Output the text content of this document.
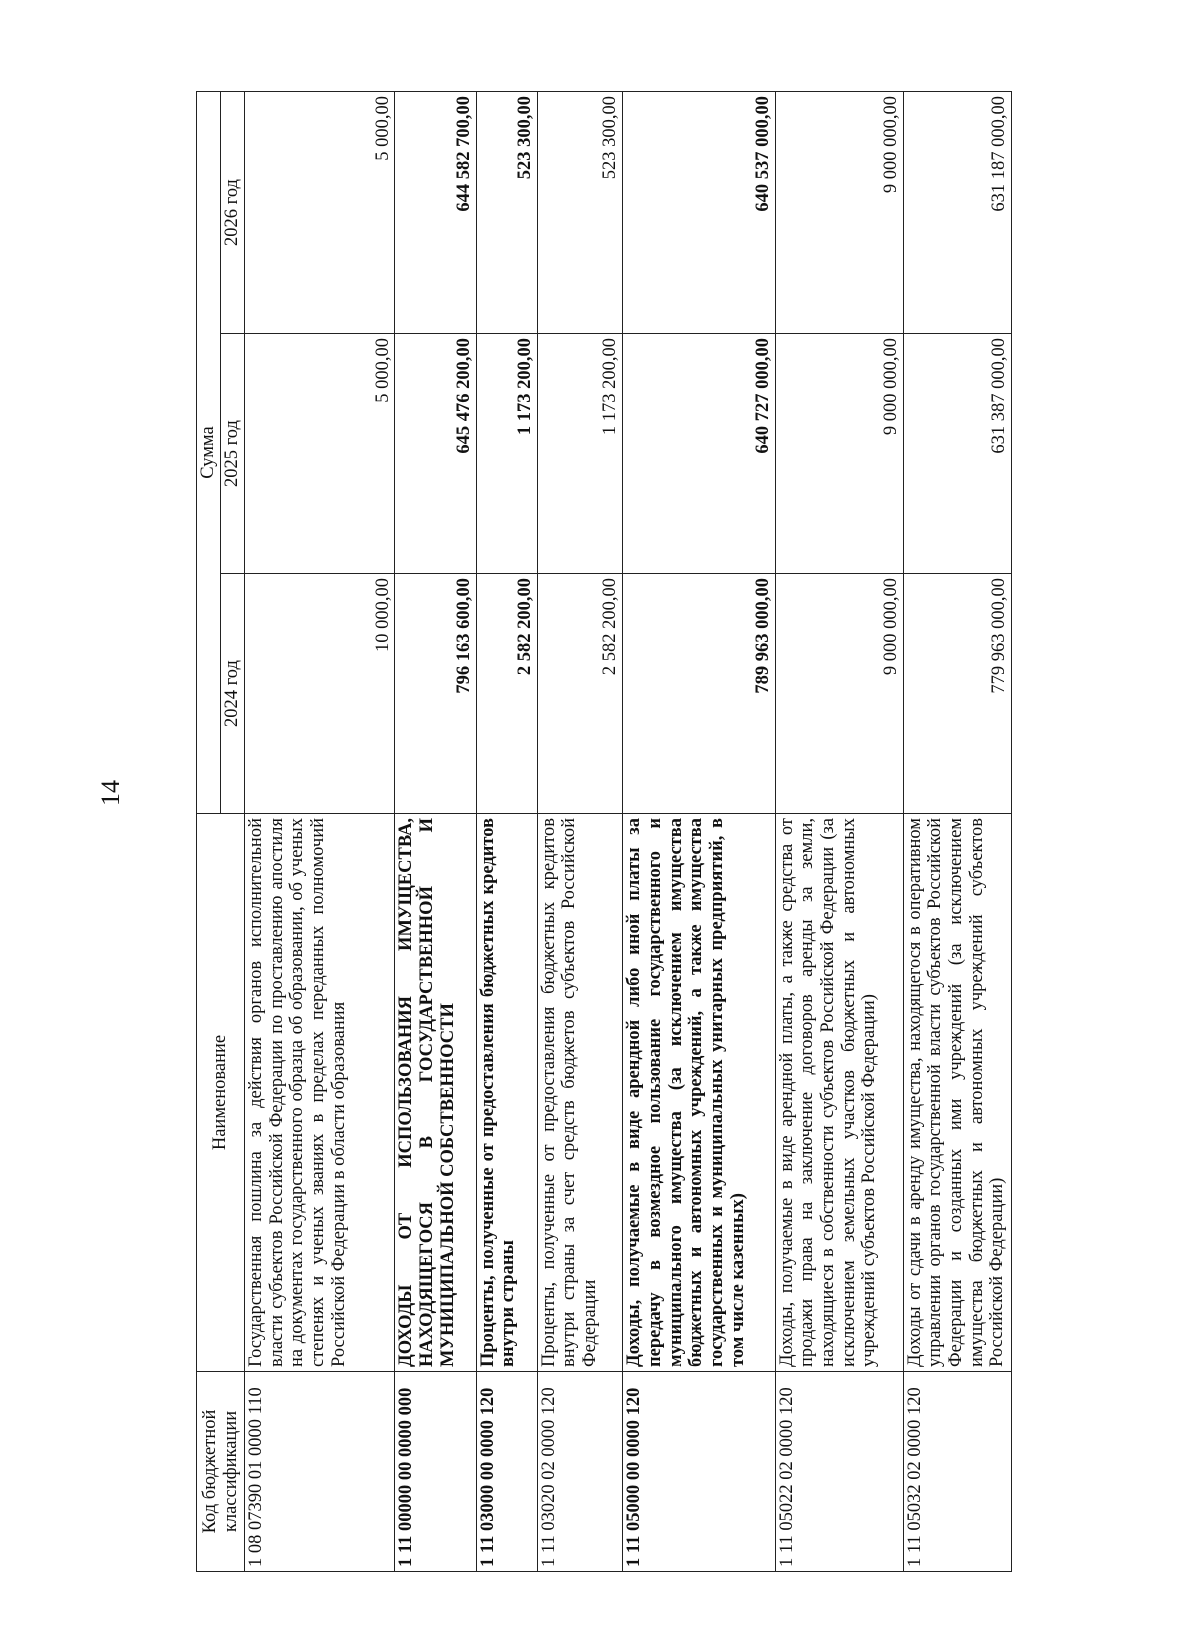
14
Код бюджетной классификации	Наименование	Сумма		
		2024 год	2025 год	2026 год
1 08 07390 01 0000 110	Государственная пошлина за действия органов исполнительной власти субъектов Российской Федерации по проставлению апостиля на документах государственного образца об образовании, об ученых степенях и ученых званиях в пределах переданных полномочий Российской Федерации в области образования	10 000,00	5 000,00	5 000,00
1 11 00000 00 0000 000	ДОХОДЫ ОТ ИСПОЛЬЗОВАНИЯ ИМУЩЕСТВА, НАХОДЯЩЕГОСЯ В ГОСУДАРСТВЕННОЙ И МУНИЦИПАЛЬНОЙ СОБСТВЕННОСТИ	796 163 600,00	645 476 200,00	644 582 700,00
1 11 03000 00 0000 120	Проценты, полученные от предоставления бюджетных кредитов внутри страны	2 582 200,00	1 173 200,00	523 300,00
1 11 03020 02 0000 120	Проценты, полученные от предоставления бюджетных кредитов внутри страны за счет средств бюджетов субъектов Российской Федерации	2 582 200,00	1 173 200,00	523 300,00
1 11 05000 00 0000 120	Доходы, получаемые в виде арендной либо иной платы за передачу в возмездное пользование государственного и муниципального имущества (за исключением имущества бюджетных и автономных учреждений, а также имущества государственных и муниципальных унитарных предприятий, в том числе казенных)	789 963 000,00	640 727 000,00	640 537 000,00
1 11 05022 02 0000 120	Доходы, получаемые в виде арендной платы, а также средства от продажи права на заключение договоров аренды за земли, находящиеся в собственности субъектов Российской Федерации (за исключением земельных участков бюджетных и автономных учреждений субъектов Российской Федерации)	9 000 000,00	9 000 000,00	9 000 000,00
1 11 05032 02 0000 120	Доходы от сдачи в аренду имущества, находящегося в оперативном управлении органов государственной власти субъектов Российской Федерации и созданных ими учреждений (за исключением имущества бюджетных и автономных учреждений субъектов Российской Федерации)	779 963 000,00	631 387 000,00	631 187 000,00
